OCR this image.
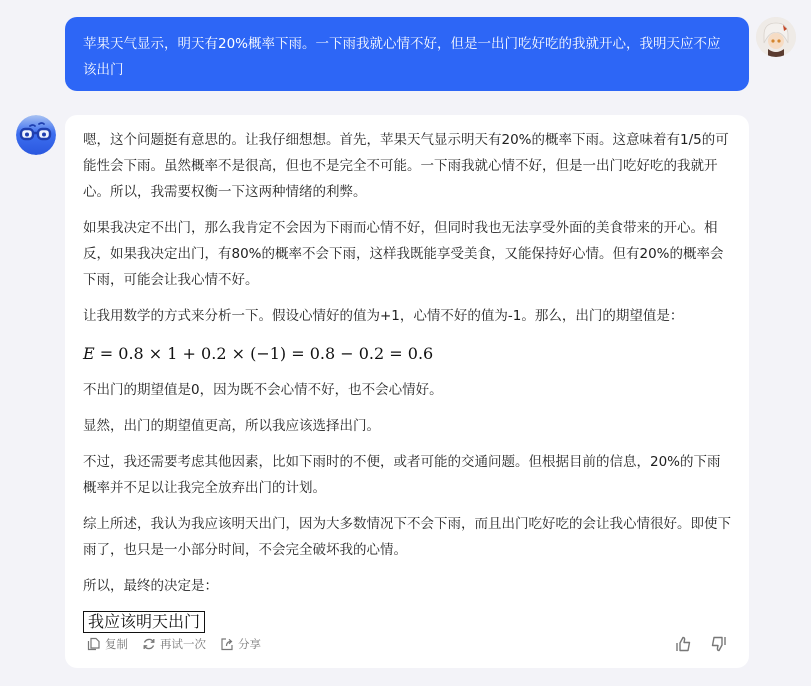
苹果天气显示，明天有20%概率下雨。一下雨我就心情不好，但是一出门吃好吃的我就开心，我明天应不应该出门

嗯，这个问题挺有意思的。让我仔细想想。首先，苹果天气显示明天有20%的概率下雨。这意味着有1/5的可能性会下雨。虽然概率不是很高，但也不是完全不可能。一下雨我就心情不好，但是一出门吃好吃的我就开心。所以，我需要权衡一下这两种情绪的利弊。

如果我决定不出门，那么我肯定不会因为下雨而心情不好，但同时我也无法享受外面的美食带来的开心。相反，如果我决定出门，有80%的概率不会下雨，这样我既能享受美食，又能保持好心情。但有20%的概率会下雨，可能会让我心情不好。

让我用数学的方式来分析一下。假设心情好的值为+1，心情不好的值为-1。那么，出门的期望值是：

E = 0.8 × 1 + 0.2 × (−1) = 0.8 − 0.2 = 0.6

不出门的期望值是0，因为既不会心情不好，也不会心情好。

显然，出门的期望值更高，所以我应该选择出门。

不过，我还需要考虑其他因素，比如下雨时的不便，或者可能的交通问题。但根据目前的信息，20%的下雨概率并不足以让我完全放弃出门的计划。

综上所述，我认为我应该明天出门，因为大多数情况下不会下雨，而且出门吃好吃的会让我心情很好。即使下雨了，也只是一小部分时间，不会完全破坏我的心情。

所以，最终的决定是：

我应该明天出门
复制	再试一次	分享
